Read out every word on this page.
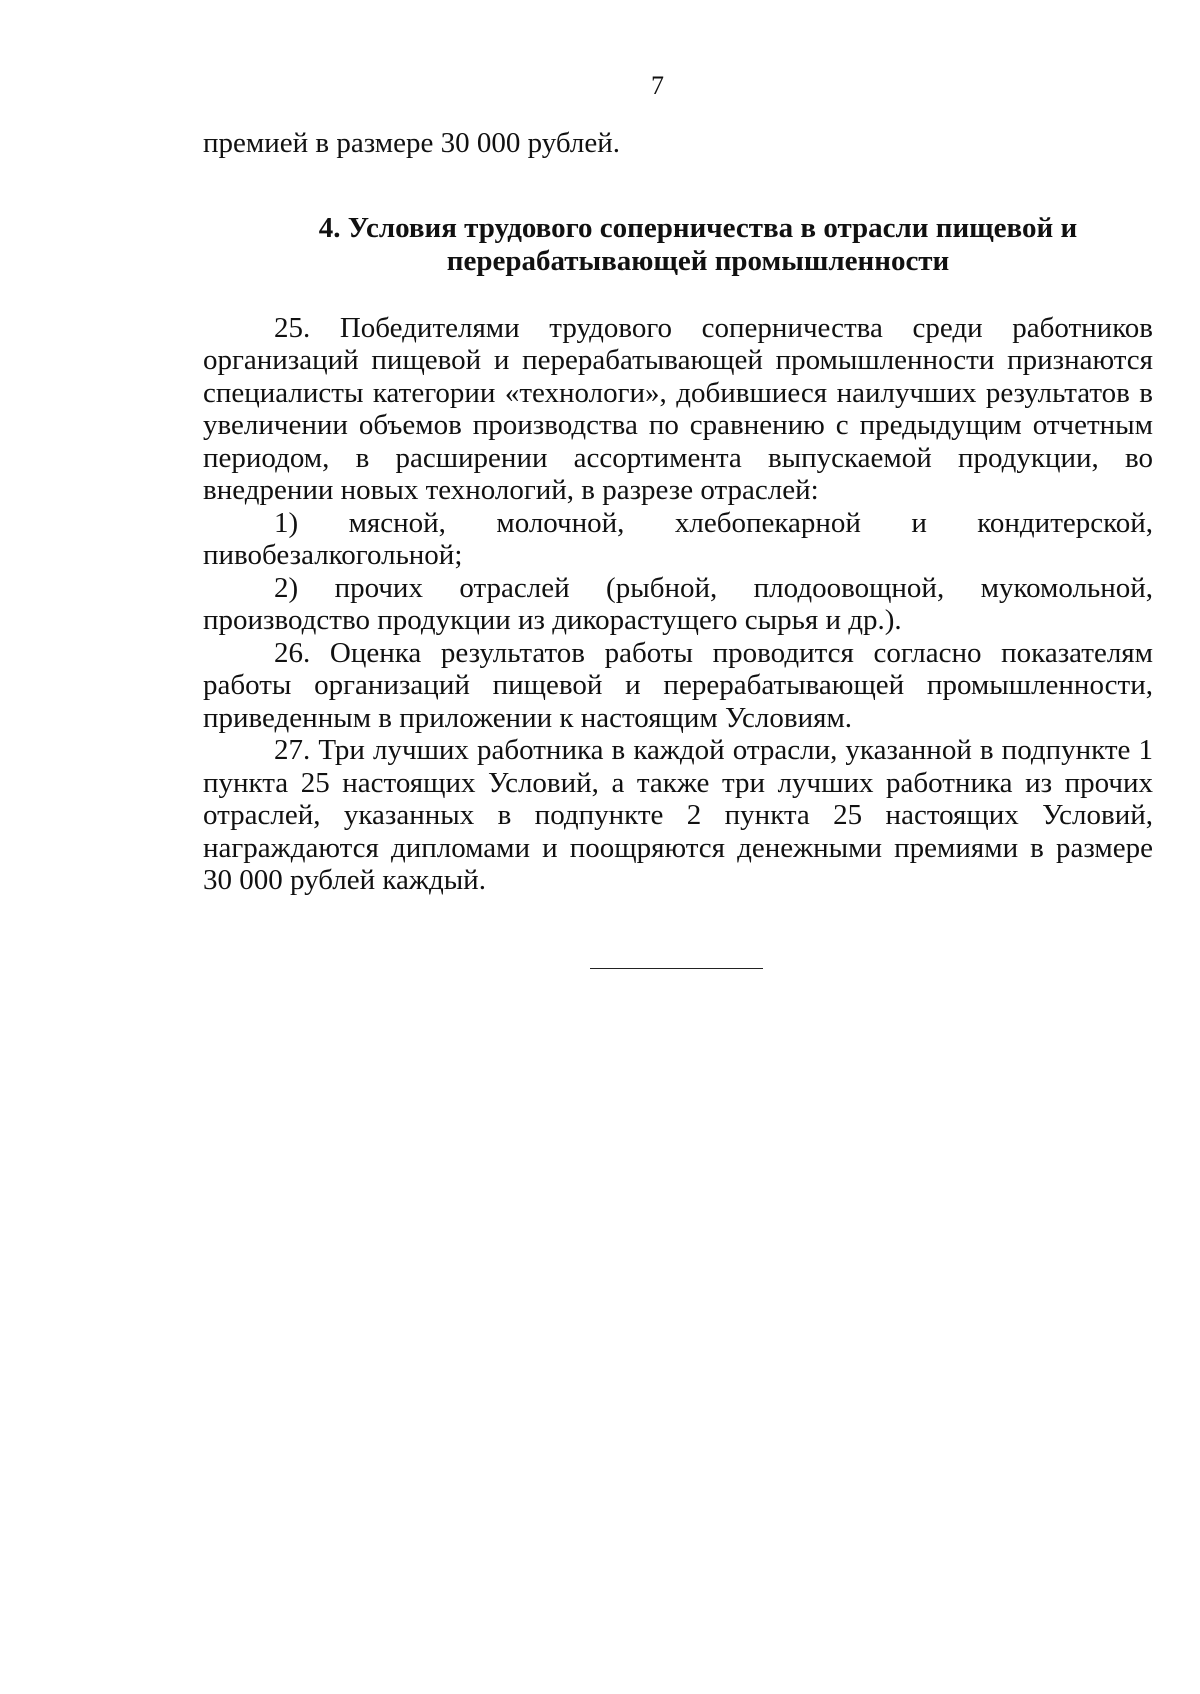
7

премией в размере 30 000 рублей.

4. Условия трудового соперничества в отрасли пищевой и
перерабатывающей промышленности

25. Победителями трудового соперничества среди работников организаций пищевой и перерабатывающей промышленности признаются специалисты категории «технологи», добившиеся наилучших результатов в увеличении объемов производства по сравнению с предыдущим отчетным периодом, в расширении ассортимента выпускаемой продукции, во внедрении новых технологий, в разрезе отраслей:

1) мясной, молочной, хлебопекарной и кондитерской, пивобезалкогольной;

2) прочих отраслей (рыбной, плодоовощной, мукомольной, производство продукции из дикорастущего сырья и др.).

26. Оценка результатов работы проводится согласно показателям работы организаций пищевой и перерабатывающей промышленности, приведенным в приложении к настоящим Условиям.

27. Три лучших работника в каждой отрасли, указанной в подпункте 1 пункта 25 настоящих Условий, а также три лучших работника из прочих отраслей, указанных в подпункте 2 пункта 25 настоящих Условий, награждаются дипломами и поощряются денежными премиями в размере 30 000 рублей каждый.
